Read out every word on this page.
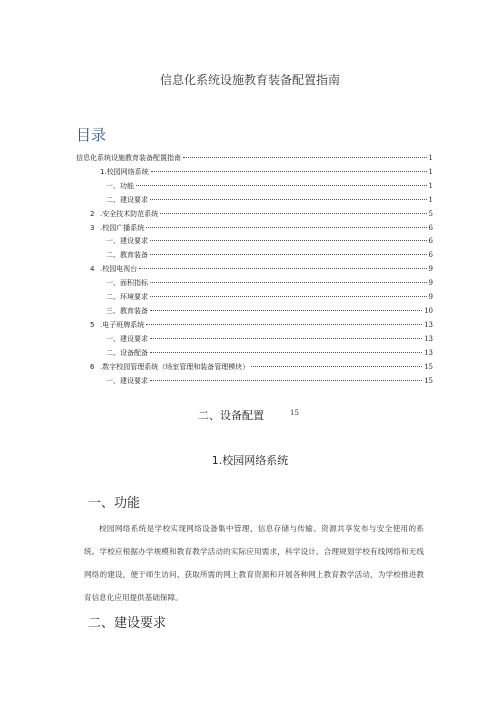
信息化系统设施教育装备配置指南
目录
信息化系统设施教育装备配置指南	1
1.校园网络系统	1
一、功能	1
二、建设要求	1
2 .安全技术防范系统	5
3 .校园广播系统	6
一、建设要求	6
二、教育装备	6
4 .校园电视台	9
一、面积指标	9
二、环境要求	9
三、教育装备	10
5 .电子班牌系统	13
一、建设要求	13
二、设备配备	13
6 .数字校园管理系统（场室管理和装备管理模块）	15
一、建设要求	15
二、设备配置	15
1.校园网络系统
一、功能
校园网络系统是学校实现网络设备集中管理、信息存储与传输、资源共享发布与安全使用的系统。学校应根据办学规模和教育教学活动的实际应用需求，科学设计、合理规划学校有线网络和无线网络的建设，便于师生访问、获取所需的网上教育资源和开展各种网上教育教学活动，为学校推进教育信息化应用提供基础保障。
二、建设要求
